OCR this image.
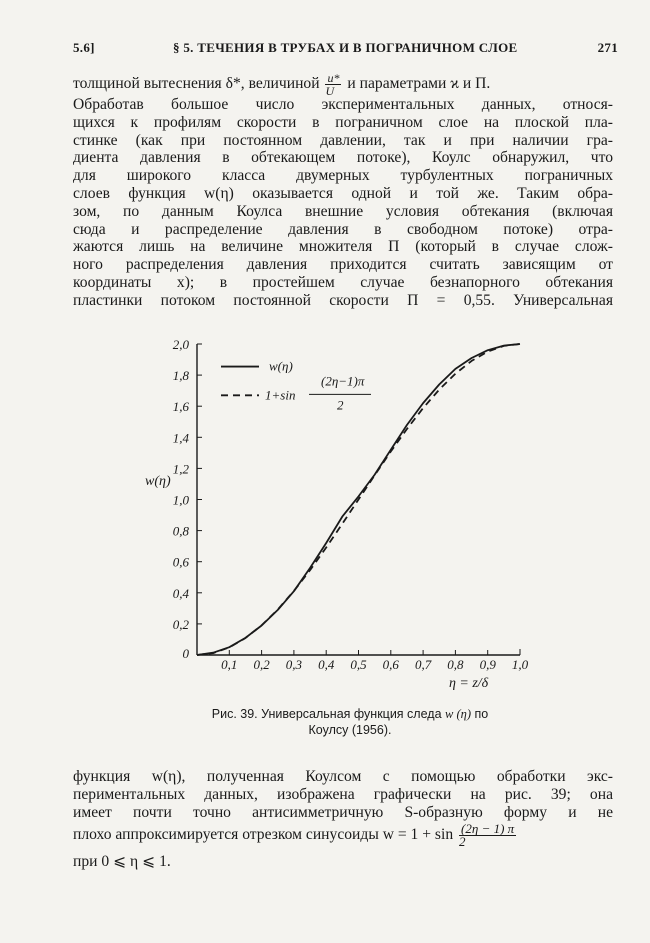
5.6]	§ 5. ТЕЧЕНИЯ В ТРУБАХ И В ПОГРАНИЧНОМ СЛОЕ	271
толщиной вытеснения δ*, величиной $\frac{u*}{U}$ и параметрами ϰ и Π.
Обработав большое число экспериментальных данных, относя-
щихся к профилям скорости в пограничном слое на плоской пла-
стинке (как при постоянном давлении, так и при наличии гра-
диента давления в обтекающем потоке), Коулс обнаружил, что
для широкого класса двумерных турбулентных пограничных
слоев функция w(η) оказывается одной и той же. Таким обра-
зом, по данным Коулса внешние условия обтекания (включая
сюда и распределение давления в свободном потоке) отра-
жаются лишь на величине множителя Π (который в случае слож-
ного распределения давления приходится считать зависящим от
координаты x); в простейшем случае безнапорного обтекания
пластинки потоком постоянной скорости Π = 0,55. Универсальная
0,1 0,2 0,3 0,4 0,5 0,6 0,7 0,8 0,9 1,0
0
0,2
0,4
0,6
0,8
1,0
1,2
1,4
1,6
1,8
2,0
w(η)
η = z/δ
w(η)
1+sin
(2η−1)π
2
Рис. 39. Универсальная функция следа w (η) по
Коулсу (1956).
функция w(η), полученная Коулсом с помощью обработки экс-
периментальных данных, изображена графически на рис. 39; она
имеет почти точно антисимметричную S-образную форму и не
плохо аппроксимируется отрезком синусоиды $w = 1 + \sin \frac{(2\eta - 1) \pi}{2}$
при 0 ⩽ η ⩽ 1.
